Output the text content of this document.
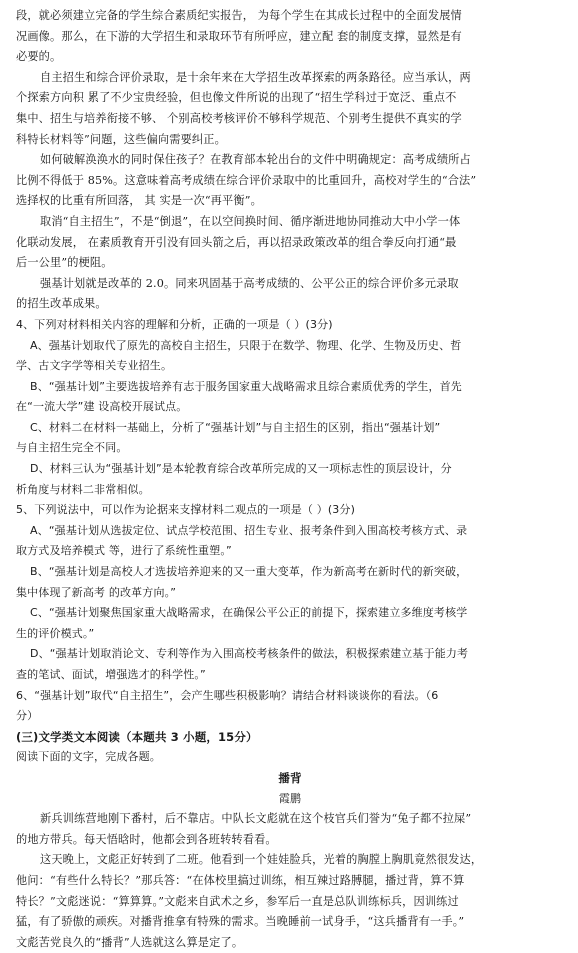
段，就必须建立完备的学生综合素质纪实报告， 为每个学生在其成长过程中的全面发展情
况画像。那么，在下游的大学招生和录取环节有所呼应，建立配 套的制度支撑，显然是有
必要的。
自主招生和综合评价录取，是十余年来在大学招生改革探索的两条路径。应当承认，两
个探索方向积 累了不少宝贵经验，但也像文件所说的出现了“招生学科过于宽泛、重点不
集中、招生与培养衔接不够、 个别高校考核评价不够科学规范、个别考生提供不真实的学
科特长材料等”问题，这些偏向需要纠正。
如何破解涣涣水的同时保住孩子？在教育部本轮出台的文件中明确规定：高考成绩所占
比例不得低于 85%。这意味着高考成绩在综合评价录取中的比重回升，高校对学生的“合法”
选择权的比重有所回落， 其 实是一次“再平衡”。
取消“自主招生”，不是“倒退”，在以空间换时间、循序渐进地协同推动大中小学一体
化联动发展， 在素质教育开引没有回头箭之后，再以招录政策改革的组合拳反向打通“最
后一公里”的梗阻。
强基计划就是改革的 2.0。同来巩固基于高考成绩的、公平公正的综合评价多元录取
的招生改革成果。
4、下列对材料相关内容的理解和分析，正确的一项是（ ）(3分)
A、强基计划取代了原先的高校自主招生，只限于在数学、物理、化学、生物及历史、哲
学、古文字学等相关专业招生。
B、“强基计划”主要选拔培养有志于服务国家重大战略需求且综合素质优秀的学生，首先
在“一流大学”建 设高校开展试点。
C、材料二在材料一基础上，分析了“强基计划”与自主招生的区别，指出“强基计划”
与自主招生完全不同。
D、材料三认为“强基计划”是本轮教育综合改革所完成的又一项标志性的顶层设计，分
析角度与材料二非常相似。
5、下列说法中，可以作为论据来支撑材料二观点的一项是（ ）(3分)
A、“强基计划从选拔定位、试点学校范围、招生专业、报考条件到入围高校考核方式、录
取方式及培养模式 等，进行了系统性重塑。”
B、“强基计划是高校人才选拔培养迎来的又一重大变革，作为新高考在新时代的新突破，
集中体现了新高考 的改革方向。”
C、“强基计划聚焦国家重大战略需求，在确保公平公正的前提下，探索建立多维度考核学
生的评价模式。”
D、“强基计划取消论文、专利等作为入围高校考核条件的做法，积极探索建立基于能力考
查的笔试、面试，增强选才的科学性。”
6、“强基计划”取代“自主招生”，会产生哪些积极影响？请结合材料谈谈你的看法。（6
分）
(三)文学类文本阅读（本题共 3 小题，15分）
阅读下面的文字，完成各题。
播背
霞鹏
新兵训练营地刚下番村，后不靠店。中队长文彪就在这个枝官兵们誉为“兔子都不拉屎”
的地方带兵。每天悟晗时，他都会到各班转转看看。
这天晚上，文彪正好转到了二班。他看到一个娃娃脸兵，光着的胸膛上胸肌竟然很发达，
他问：“有些什么特长？”那兵答：“在体校里搞过训练，相互辣过路膊腿，播过背，算不算
特长？”文彪迷说：“算算算。”文彪来自武术之乡，参军后一直是总队训练标兵，因训练过
猛，有了骄傲的顽疾。对播背推拿有特殊的需求。当晚睡前一试身手，“这兵播背有一手。”
文彪苦党良久的“播背”人选就这么算是定了。
